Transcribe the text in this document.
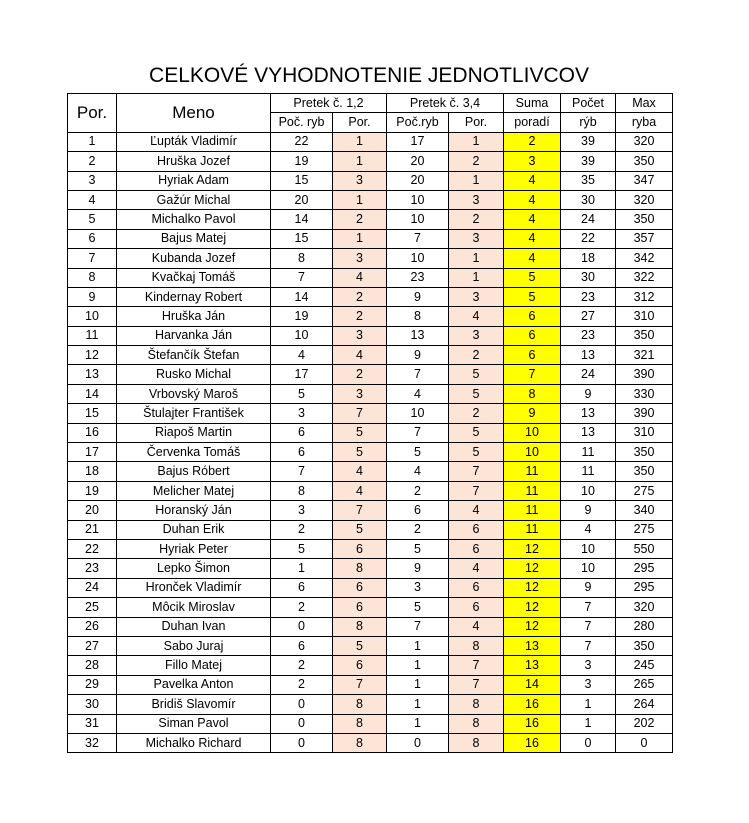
CELKOVÉ VYHODNOTENIE JEDNOTLIVCOV
Por.	Meno	Pretek č. 1,2		Pretek č. 3,4		Suma	Počet	Max
		Poč. ryb	Por.	Poč.ryb	Por.	poradí	rýb	ryba
1	Ľupták Vladimír	22	1	17	1	2	39	320
2	Hruška Jozef	19	1	20	2	3	39	350
3	Hyriak Adam	15	3	20	1	4	35	347
4	Gažúr Michal	20	1	10	3	4	30	320
5	Michalko Pavol	14	2	10	2	4	24	350
6	Bajus Matej	15	1	7	3	4	22	357
7	Kubanda Jozef	8	3	10	1	4	18	342
8	Kvačkaj Tomáš	7	4	23	1	5	30	322
9	Kindernay Robert	14	2	9	3	5	23	312
10	Hruška Ján	19	2	8	4	6	27	310
11	Harvanka Ján	10	3	13	3	6	23	350
12	Štefančík Štefan	4	4	9	2	6	13	321
13	Rusko Michal	17	2	7	5	7	24	390
14	Vrbovský Maroš	5	3	4	5	8	9	330
15	Štulajter František	3	7	10	2	9	13	390
16	Riapoš Martin	6	5	7	5	10	13	310
17	Červenka Tomáš	6	5	5	5	10	11	350
18	Bajus Róbert	7	4	4	7	11	11	350
19	Melicher Matej	8	4	2	7	11	10	275
20	Horanský Ján	3	7	6	4	11	9	340
21	Duhan Erik	2	5	2	6	11	4	275
22	Hyriak Peter	5	6	5	6	12	10	550
23	Lepko Šimon	1	8	9	4	12	10	295
24	Hronček Vladimír	6	6	3	6	12	9	295
25	Môcik Miroslav	2	6	5	6	12	7	320
26	Duhan Ivan	0	8	7	4	12	7	280
27	Sabo Juraj	6	5	1	8	13	7	350
28	Fillo Matej	2	6	1	7	13	3	245
29	Pavelka Anton	2	7	1	7	14	3	265
30	Bridiš Slavomír	0	8	1	8	16	1	264
31	Siman Pavol	0	8	1	8	16	1	202
32	Michalko Richard	0	8	0	8	16	0	0
